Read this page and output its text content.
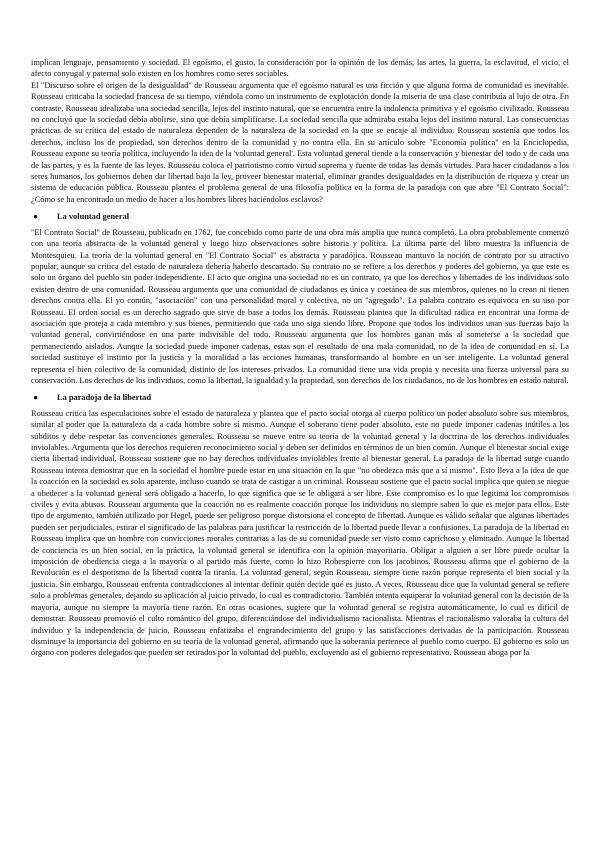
implican lenguaje, pensamiento y sociedad. El egoísmo, el gusto, la consideración por la opinión de los demás, las artes, la guerra, la esclavitud, el vicio, el afecto conyugal y paternal solo existen en los hombres como seres sociables.

El "Discurso sobre el origen de la desigualdad" de Rousseau argumenta que el egoísmo natural es una ficción y que alguna forma de comunidad es inevitable. Rousseau criticaba la sociedad francesa de su tiempo, viéndola como un instrumento de explotación donde la miseria de una clase contribuía al lujo de otra. En contraste, Rousseau idealizaba una sociedad sencilla, lejos del instinto natural, que se encuentra entre la indolencia primitiva y el egoísmo civilizado. Rousseau no concluyó que la sociedad debía abolirse, sino que debía simplificarse. La sociedad sencilla que admiraba estaba lejos del instinto natural. Las consecuencias prácticas de su crítica del estado de naturaleza dependen de la naturaleza de la sociedad en la que se encaje al individuo. Rousseau sostenía que todos los derechos, incluso los de propiedad, son derechos dentro de la comunidad y no contra ella. En su artículo sobre "Economía política" en la Enciclopedia, Rousseau expone su teoría política, incluyendo la idea de la 'voluntad general'. Esta voluntad general tiende a la conservación y bienestar del todo y de cada una de las partes, y es la fuente de las leyes. Rousseau coloca el patriotismo como virtud suprema y fuente de todas las demás virtudes. Para hacer ciudadanos a los seres humanos, los gobiernos deben dar libertad bajo la ley, proveer bienestar material, eliminar grandes desigualdades en la distribución de riqueza y crear un sistema de educación pública. Rousseau plantea el problema general de una filosofía política en la forma de la paradoja con que abre "El Contrato Social": ¿Cómo se ha encontrado un medio de hacer a los hombres libres haciéndolos esclavos?

●	La voluntad general

"El Contrato Social" de Rousseau, publicado en 1762, fue concebido como parte de una obra más amplia que nunca completó. La obra probablemente comenzó con una teoría abstracta de la voluntad general y luego hizo observaciones sobre historia y política. La última parte del libro muestra la influencia de Montesquieu. La teoría de la voluntad general en "El Contrato Social" es abstracta y paradójica. Rousseau mantuvo la noción de contrato por su atractivo popular, aunque su crítica del estado de naturaleza debería haberlo descartado. Su contrato no se refiere a los derechos y poderes del gobierno, ya que este es solo un órgano del pueblo sin poder independiente. El acto que origina una sociedad no es un contrato, ya que los derechos y libertades de los individuos solo existen dentro de una comunidad. Rousseau argumenta que una comunidad de ciudadanos es única y coetánea de sus miembros, quienes no la crean ni tienen derechos contra ella. El yo común, "asociación" con una personalidad moral y colectiva, no un "agregado". La palabra contrato es equívoca en su uso por Rousseau. El orden social es un derecho sagrado que sirve de base a todos los demás. Rousseau plantea que la dificultad radica en encontrar una forma de asociación que proteja a cada miembro y sus bienes, permitiendo que cada uno siga siendo libre. Propone que todos los individuos unan sus fuerzas bajo la voluntad general, convirtiéndose en una parte indivisible del todo. Rousseau argumenta que los hombres ganan más al someterse a la sociedad que permaneciendo aislados. Aunque la sociedad puede imponer cadenas, estas son el resultado de una mala comunidad, no de la idea de comunidad en sí. La sociedad sustituye el instinto por la justicia y la moralidad a las acciones humanas, transformando al hombre en un ser inteligente. La voluntad general representa el bien colectivo de la comunidad, distinto de los intereses privados. La comunidad tiene una vida propia y necesita una fuerza universal para su conservación. Los derechos de los individuos, como la libertad, la igualdad y la propiedad, son derechos de los ciudadanos, no de los hombres en estado natural.

●	La paradoja de la libertad

Rousseau critica las especulaciones sobre el estado de naturaleza y plantea que el pacto social otorga al cuerpo político un poder absoluto sobre sus miembros, similar al poder que la naturaleza da a cada hombre sobre sí mismo. Aunque el soberano tiene poder absoluto, este no puede imponer cadenas inútiles a los súbditos y debe respetar las convenciones generales. Rousseau se mueve entre su teoría de la voluntad general y la doctrina de los derechos individuales inviolables. Argumenta que los derechos requieren reconocimiento social y deben ser definidos en términos de un bien común. Aunque el bienestar social exige cierta libertad individual, Rousseau sostiene que no hay derechos individuales inviolables frente al bienestar general. La paradoja de la libertad surge cuando Rousseau intenta demostrar que en la sociedad el hombre puede estar en una situación en la que "no obedezca más que a sí mismo". Esto lleva a la idea de que la coacción en la sociedad es solo aparente, incluso cuando se trata de castigar a un criminal. Rousseau sostiene que el pacto social implica que quien se niegue a obedecer a la voluntad general será obligado a hacerlo, lo que significa que se le obligará a ser libre. Este compromiso es lo que legitima los compromisos civiles y evita abusos. Rousseau argumenta que la coacción no es realmente coacción porque los individuos no siempre saben lo que es mejor para ellos. Este tipo de argumento, también utilizado por Hegel, puede ser peligroso porque distorsiona el concepto de libertad. Aunque es válido señalar que algunas libertades pueden ser perjudiciales, estirar el significado de las palabras para justificar la restricción de la libertad puede llevar a confusiones. La paradoja de la libertad en Rousseau implica que un hombre con convicciones morales contrarias a las de su comunidad puede ser visto como caprichoso y eliminado. Aunque la libertad de conciencia es un bien social, en la práctica, la voluntad general se identifica con la opinión mayoritaria. Obligar a alguien a ser libre puede ocultar la imposición de obediencia ciega a la mayoría o al partido más fuerte, como lo hizo Robespierre con los jacobinos. Rousseau afirma que el gobierno de la Revolución es el despotismo de la libertad contra la tiranía. La voluntad general, según Rousseau, siempre tiene razón porque representa el bien social y la justicia. Sin embargo, Rousseau enfrenta contradicciones al intentar definir quién decide qué es justo. A veces, Rousseau dice que la voluntad general se refiere solo a problemas generales, dejando su aplicación al juicio privado, lo cual es contradictorio. También intenta equiparar la voluntad general con la decisión de la mayoría, aunque no siempre la mayoría tiene razón. En otras ocasiones, sugiere que la voluntad general se registra automáticamente, lo cual es difícil de demostrar. Rousseau promovió el culto romántico del grupo, diferenciándose del individualismo racionalista. Mientras el racionalismo valoraba la cultura del individuo y la independencia de juicio, Rousseau enfatizaba el engrandecimiento del grupo y las satisfacciones derivadas de la participación. Rousseau disminuye la importancia del gobierno en su teoría de la voluntad general, afirmando que la soberanía pertenece al pueblo como cuerpo. El gobierno es solo un órgano con poderes delegados que pueden ser retirados por la voluntad del pueblo, excluyendo así el gobierno representativo. Rousseau aboga por la
